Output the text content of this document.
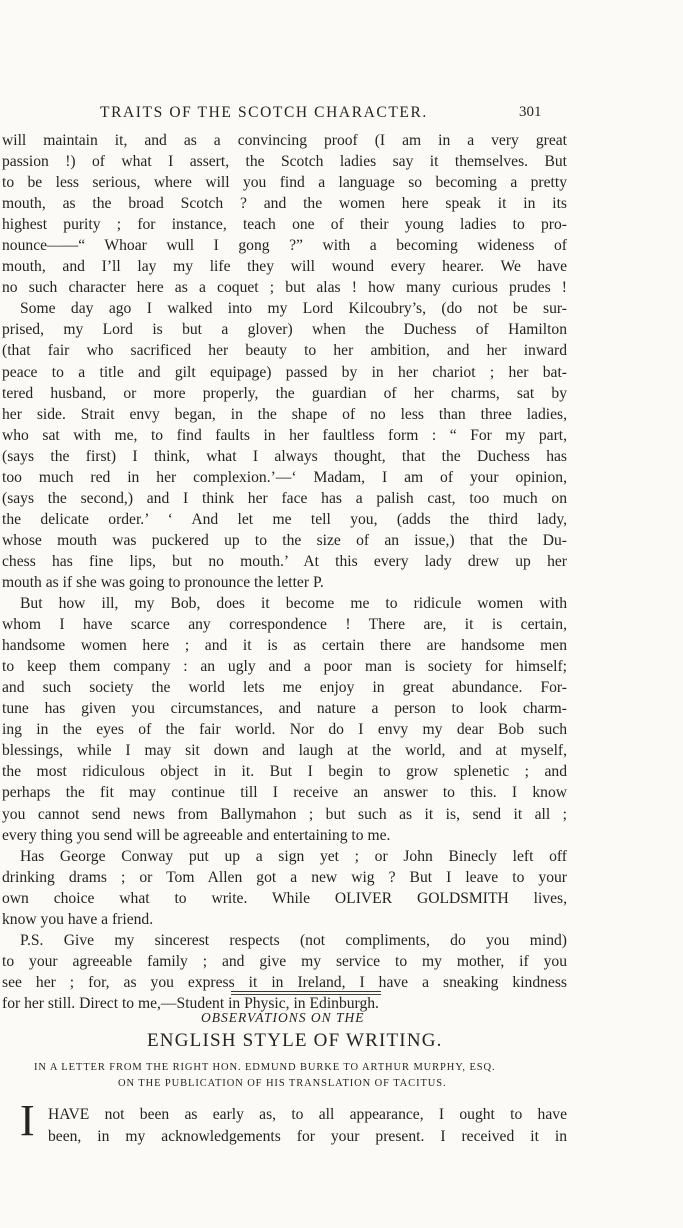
TRAITS OF THE SCOTCH CHARACTER.	301
will maintain it, and as a convincing proof (I am in a very great
passion !) of what I assert, the Scotch ladies say it themselves. But
to be less serious, where will you find a language so becoming a pretty
mouth, as the broad Scotch ? and the women here speak it in its
highest purity ; for instance, teach one of their young ladies to pro-
nounce——“ Whoar wull I gong ?” with a becoming wideness of
mouth, and I’ll lay my life they will wound every hearer. We have
no such character here as a coquet ; but alas ! how many curious prudes !
Some day ago I walked into my Lord Kilcoubry’s, (do not be sur-
prised, my Lord is but a glover) when the Duchess of Hamilton
(that fair who sacrificed her beauty to her ambition, and her inward
peace to a title and gilt equipage) passed by in her chariot ; her bat-
tered husband, or more properly, the guardian of her charms, sat by
her side. Strait envy began, in the shape of no less than three ladies,
who sat with me, to find faults in her faultless form : “ For my part,
(says the first) I think, what I always thought, that the Duchess has
too much red in her complexion.’—‘ Madam, I am of your opinion,
(says the second,) and I think her face has a palish cast, too much on
the delicate order.’ ‘ And let me tell you, (adds the third lady,
whose mouth was puckered up to the size of an issue,) that the Du-
chess has fine lips, but no mouth.’ At this every lady drew up her
mouth as if she was going to pronounce the letter P.
But how ill, my Bob, does it become me to ridicule women with
whom I have scarce any correspondence ! There are, it is certain,
handsome women here ; and it is as certain there are handsome men
to keep them company : an ugly and a poor man is society for himself;
and such society the world lets me enjoy in great abundance. For-
tune has given you circumstances, and nature a person to look charm-
ing in the eyes of the fair world. Nor do I envy my dear Bob such
blessings, while I may sit down and laugh at the world, and at myself,
the most ridiculous object in it. But I begin to grow splenetic ; and
perhaps the fit may continue till I receive an answer to this. I know
you cannot send news from Ballymahon ; but such as it is, send it all ;
every thing you send will be agreeable and entertaining to me.
Has George Conway put up a sign yet ; or John Binecly left off
drinking drams ; or Tom Allen got a new wig ? But I leave to your
own choice what to write. While OLIVER GOLDSMITH lives,
know you have a friend.
P.S. Give my sincerest respects (not compliments, do you mind)
to your agreeable family ; and give my service to my mother, if you
see her ; for, as you express it in Ireland, I have a sneaking kindness
for her still. Direct to me,—Student in Physic, in Edinburgh.
OBSERVATIONS ON THE
ENGLISH STYLE OF WRITING.
IN A LETTER FROM THE RIGHT HON. EDMUND BURKE TO ARTHUR MURPHY, ESQ.
ON THE PUBLICATION OF HIS TRANSLATION OF TACITUS.
I HAVE not been as early as, to all appearance, I ought to have
been, in my acknowledgements for your present. I received it in
